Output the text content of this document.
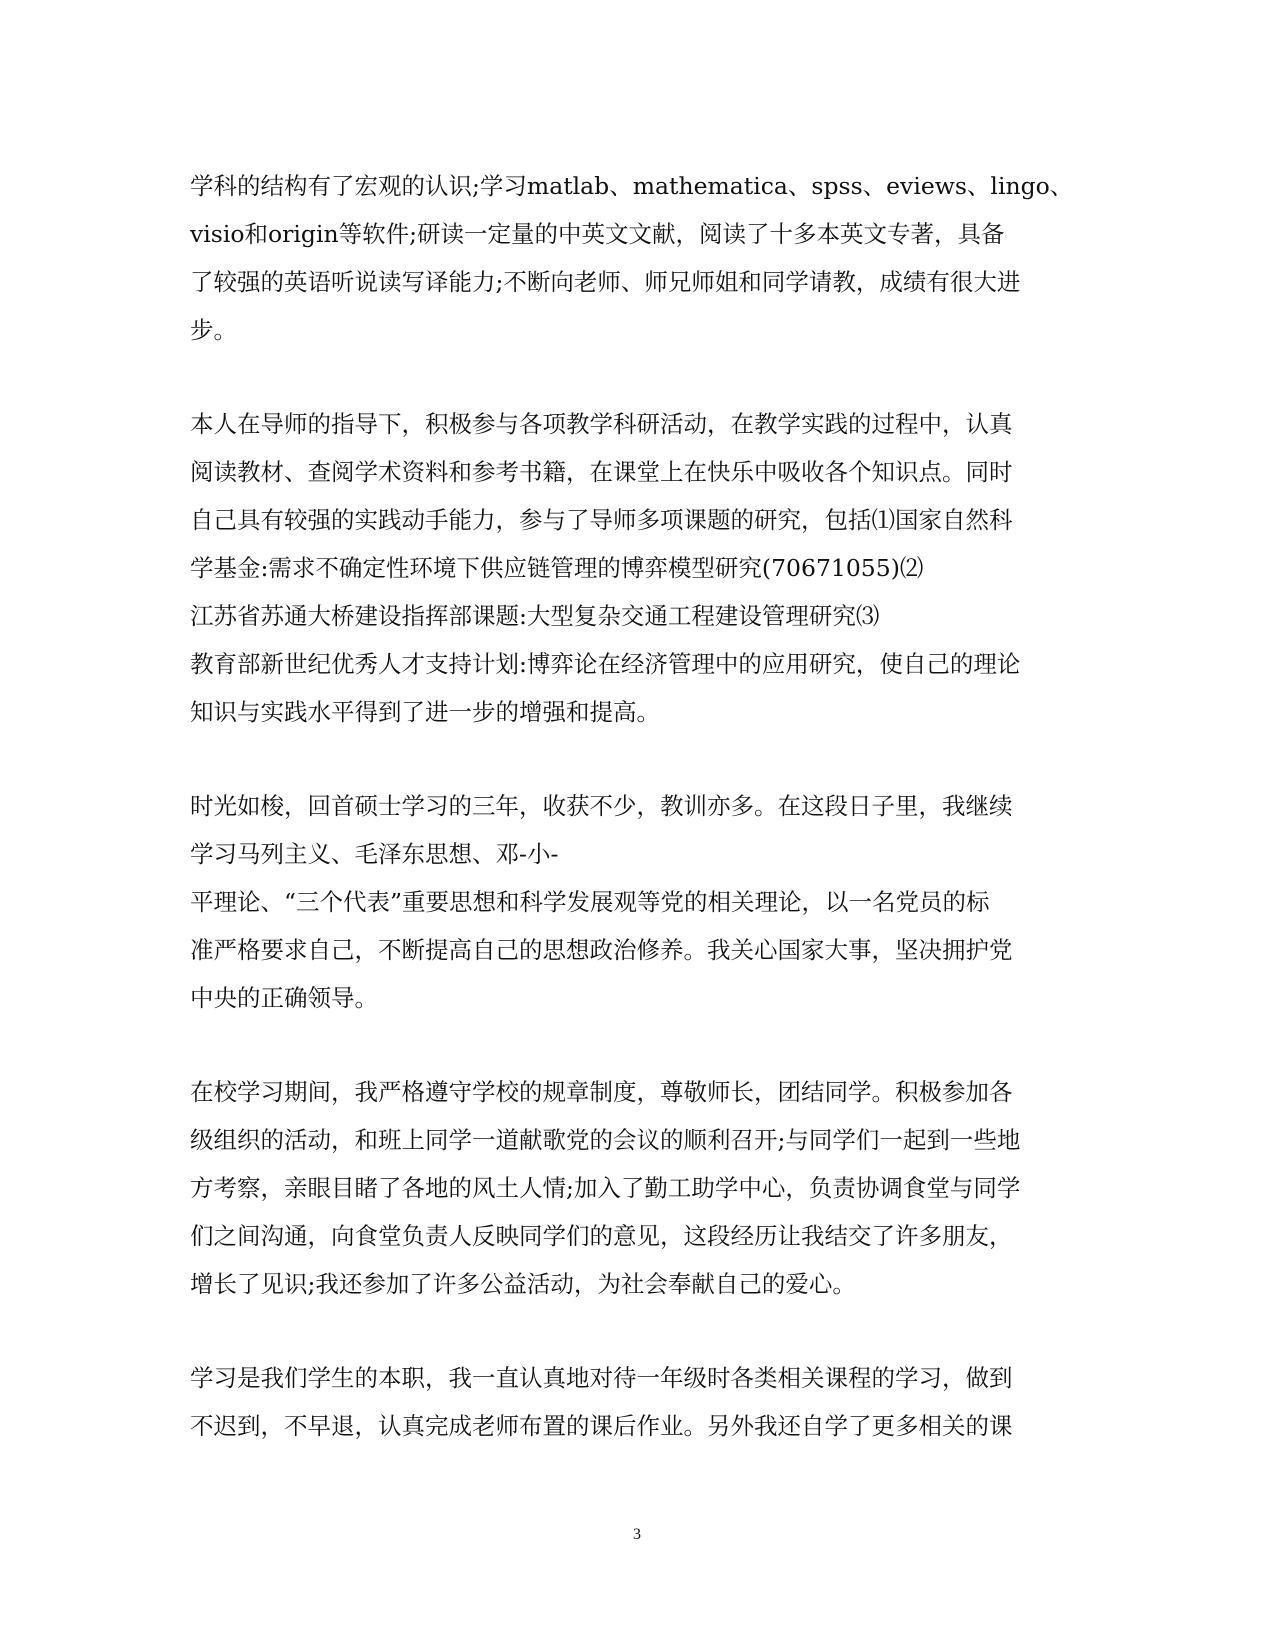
学科的结构有了宏观的认识;学习matlab、mathematica、spss、eviews、lingo、
visio和origin等软件;研读一定量的中英文文献，阅读了十多本英文专著，具备
了较强的英语听说读写译能力;不断向老师、师兄师姐和同学请教，成绩有很大进
步。
本人在导师的指导下，积极参与各项教学科研活动，在教学实践的过程中，认真
阅读教材、查阅学术资料和参考书籍，在课堂上在快乐中吸收各个知识点。同时
自己具有较强的实践动手能力，参与了导师多项课题的研究，包括⑴国家自然科
学基金:需求不确定性环境下供应链管理的博弈模型研究(70671055)⑵
江苏省苏通大桥建设指挥部课题:大型复杂交通工程建设管理研究⑶
教育部新世纪优秀人才支持计划:博弈论在经济管理中的应用研究，使自己的理论
知识与实践水平得到了进一步的增强和提高。
时光如梭，回首硕士学习的三年，收获不少，教训亦多。在这段日子里，我继续
学习马列主义、毛泽东思想、邓-小-
平理论、“三个代表”重要思想和科学发展观等党的相关理论，以一名党员的标
准严格要求自己，不断提高自己的思想政治修养。我关心国家大事，坚决拥护党
中央的正确领导。
在校学习期间，我严格遵守学校的规章制度，尊敬师长，团结同学。积极参加各
级组织的活动，和班上同学一道献歌党的会议的顺利召开;与同学们一起到一些地
方考察，亲眼目睹了各地的风土人情;加入了勤工助学中心，负责协调食堂与同学
们之间沟通，向食堂负责人反映同学们的意见，这段经历让我结交了许多朋友，
增长了见识;我还参加了许多公益活动，为社会奉献自己的爱心。
学习是我们学生的本职，我一直认真地对待一年级时各类相关课程的学习，做到
不迟到，不早退，认真完成老师布置的课后作业。另外我还自学了更多相关的课
3
